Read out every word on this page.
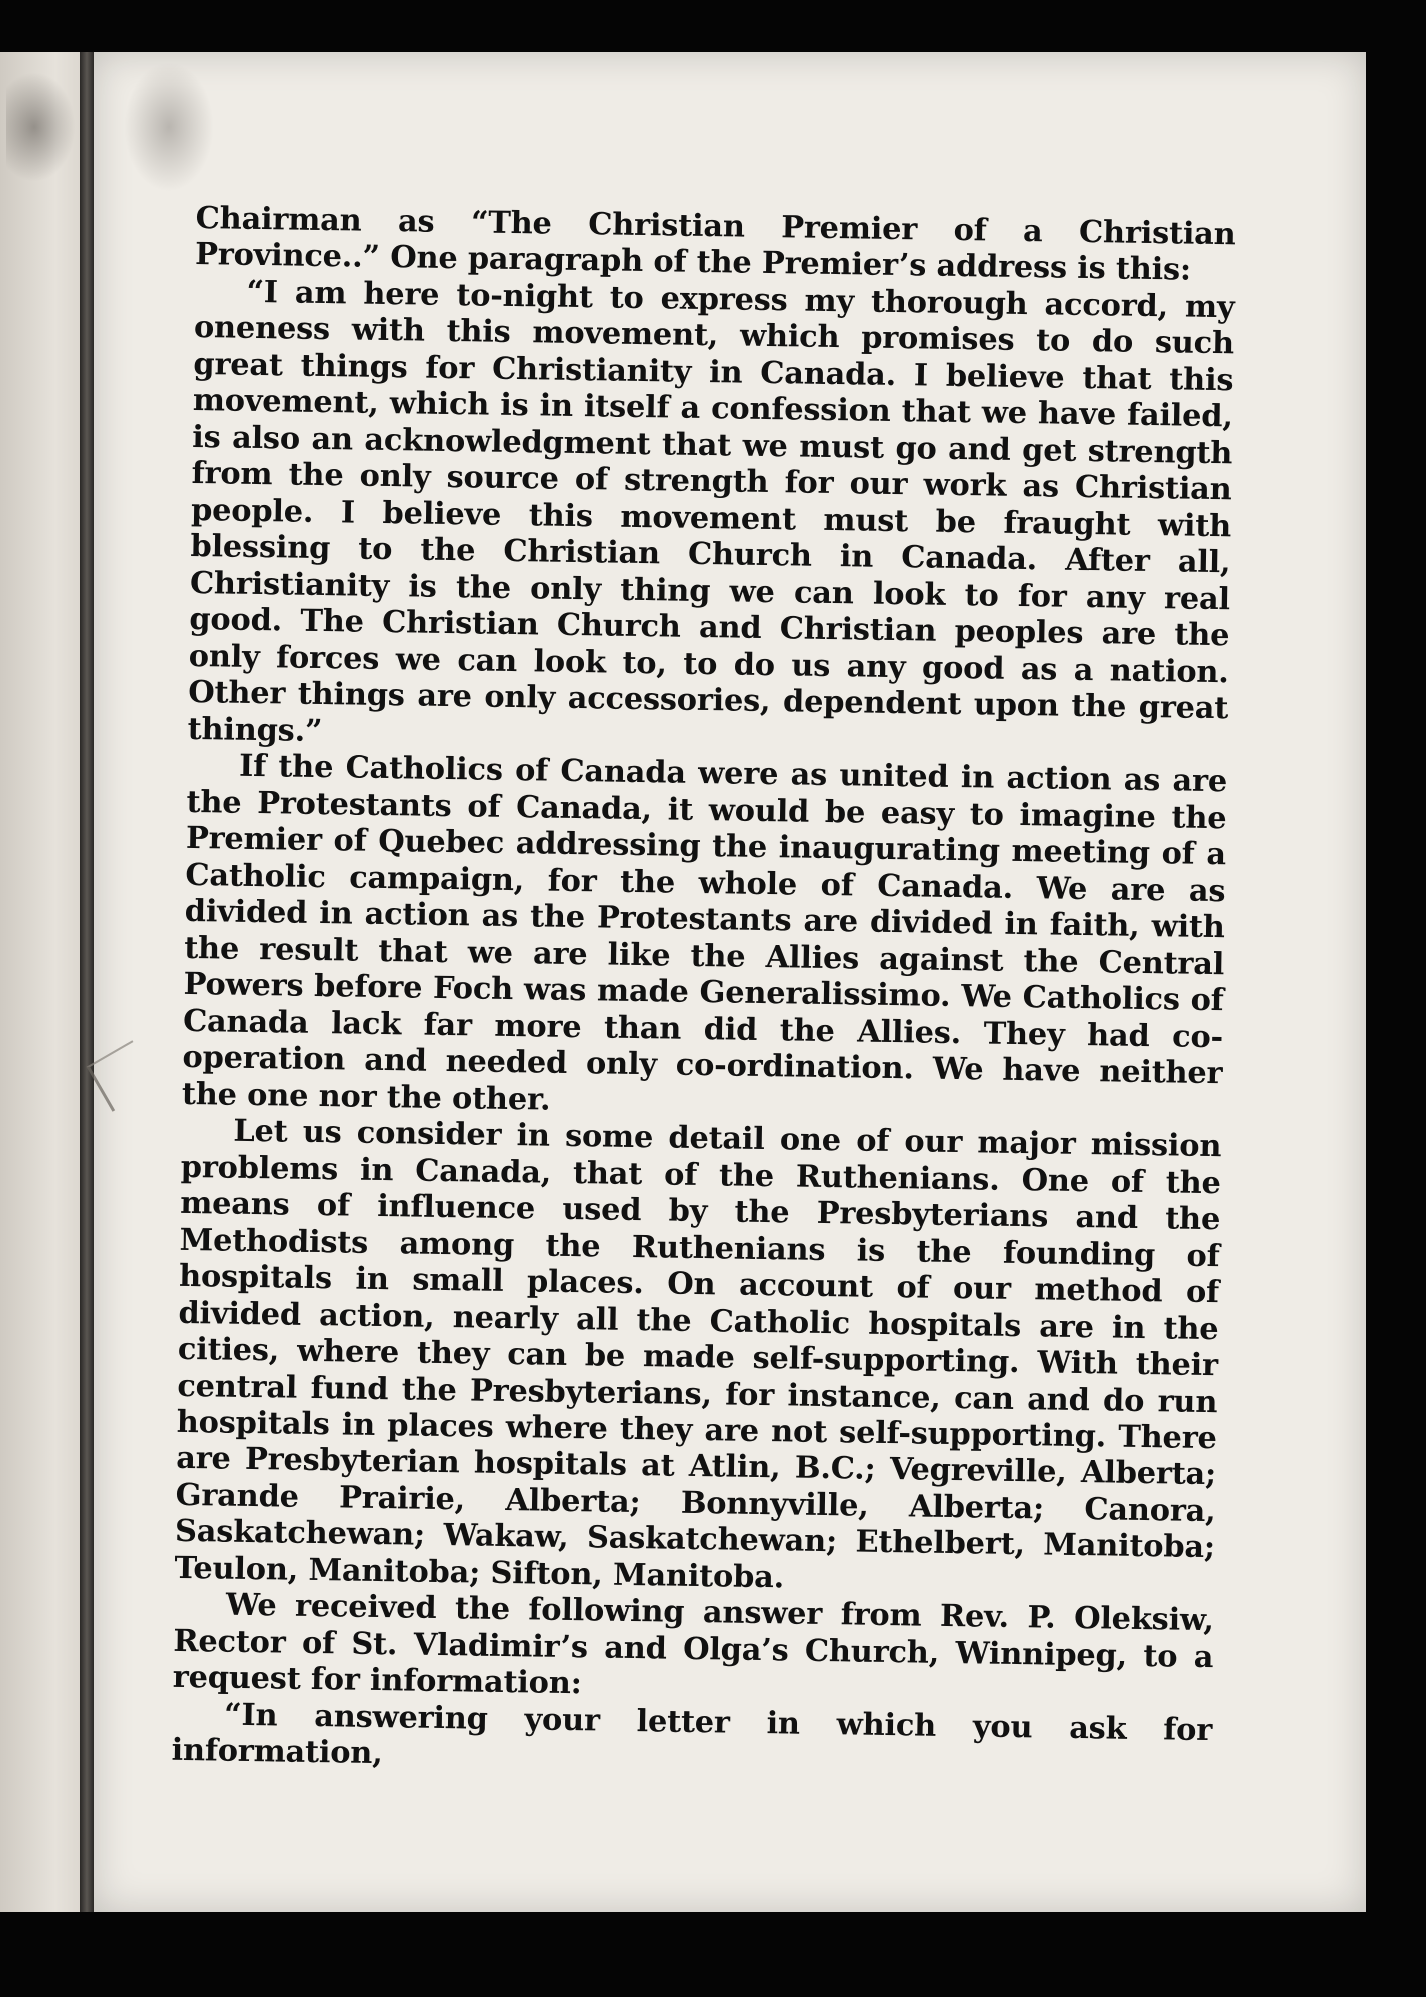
Chairman as “The Christian Premier of a Christian Province..” One paragraph of the Premier’s address is this:

“I am here to-night to express my thorough accord, my oneness with this movement, which promises to do such great things for Christianity in Canada. I believe that this movement, which is in itself a confession that we have failed, is also an acknowledgment that we must go and get strength from the only source of strength for our work as Christian people. I believe this movement must be fraught with blessing to the Christian Church in Canada. After all, Christianity is the only thing we can look to for any real good. The Christian Church and Christian peoples are the only forces we can look to, to do us any good as a nation. Other things are only accessories, dependent upon the great things.”

If the Catholics of Canada were as united in action as are the Protestants of Canada, it would be easy to imagine the Premier of Quebec addressing the inaugurating meeting of a Catholic campaign, for the whole of Canada. We are as divided in action as the Protestants are divided in faith, with the result that we are like the Allies against the Central Powers before Foch was made Generalissimo. We Catholics of Canada lack far more than did the Allies. They had co-operation and needed only co-ordination. We have neither the one nor the other.

Let us consider in some detail one of our major mission problems in Canada, that of the Ruthenians. One of the means of influence used by the Presbyterians and the Methodists among the Ruthenians is the founding of hospitals in small places. On account of our method of divided action, nearly all the Catholic hospitals are in the cities, where they can be made self-supporting. With their central fund the Presbyterians, for instance, can and do run hospitals in places where they are not self-supporting. There are Presbyterian hospitals at Atlin, B.C.; Vegreville, Alberta; Grande Prairie, Alberta; Bonnyville, Alberta; Canora, Saskatchewan; Wakaw, Saskatchewan; Ethelbert, Manitoba; Teulon, Manitoba; Sifton, Manitoba.

We received the following answer from Rev. P. Oleksiw, Rector of St. Vladimir’s and Olga’s Church, Winnipeg, to a request for information:

“In answering your letter in which you ask for information,
